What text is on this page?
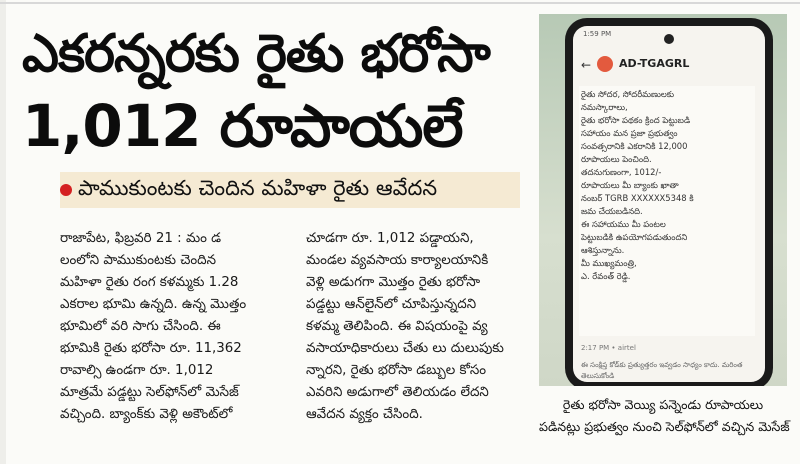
ఎకరన్నరకు రైతు భరోసా
1,012 రూపాయలే
పాముకుంటకు చెందిన మహిళా రైతు ఆవేదన
రాజాపేట, ఫిబ్రవరి 21 : మం డ
లంలోని పాముకుంటకు చెందిన
మహిళా రైతు రంగ కళమ్మకు 1.28
ఎకరాల భూమి ఉన్నది. ఉన్న మొత్తం
భూమిలో వరి సాగు చేసింది. ఈ
భూమికి రైతు భరోసా రూ. 11,362
రావాల్సి ఉండగా రూ. 1,012
మాత్రమే పడ్డట్టు సెల్‌ఫోన్‌లో మెసేజ్
వచ్చింది. బ్యాంక్‌కు వెళ్లి అకౌంట్‌లో
చూడగా రూ. 1,012 పడ్డాయని,
మండల వ్యవసాయ కార్యాలయానికి
వెళ్లి అడుగగా మొత్తం రైతు భరోసా
పడ్డట్టు ఆన్‌లైన్‌లో చూపిస్తున్నదని
కళమ్మ తెలిపింది. ఈ విషయంపై వ్య
వసాయాధికారులు చేతు లు దులుపుకు
న్నారని, రైతు భరోసా డబ్బుల కోసం
ఎవరిని అడుగాలో తెలియడం లేదని
ఆవేదన వ్యక్తం చేసింది.
1:59 PM
←	AD-TGAGRL
రైతు సోదర, సోదరీమణులకు
నమస్కారాలు,
రైతు భరోసా పథకం క్రింద పెట్టుబడి
సహాయం మన ప్రజా ప్రభుత్వం
సంవత్సరానికి ఎకరానికి 12,000
రూపాయలు పెంచింది.
తదనుగుణంగా, 1012/-
రూపాయలు మీ బ్యాంకు ఖాతా
నంబర్ TGRB XXXXXX5348 కి
జమ చేయబడినది.
ఈ సహాయము మీ పంటల
పెట్టుబడికి ఉపయోగపడుతుందని
ఆశిస్తున్నాను.
మీ ముఖ్యమంత్రి,
ఎ. రేవంత్ రెడ్డి.
2:17 PM • airtel
ఈ సంక్షిప్త కోడ్‌కు ప్రత్యుత్తరం ఇవ్వడం సాధ్యం కాదు. మరింత తెలుసుకోండి
రైతు భరోసా వెయ్యి పన్నెండు రూపాయలు
పడినట్లు ప్రభుత్వం నుంచి సెల్‌ఫోన్‌లో వచ్చిన మెసేజ్
